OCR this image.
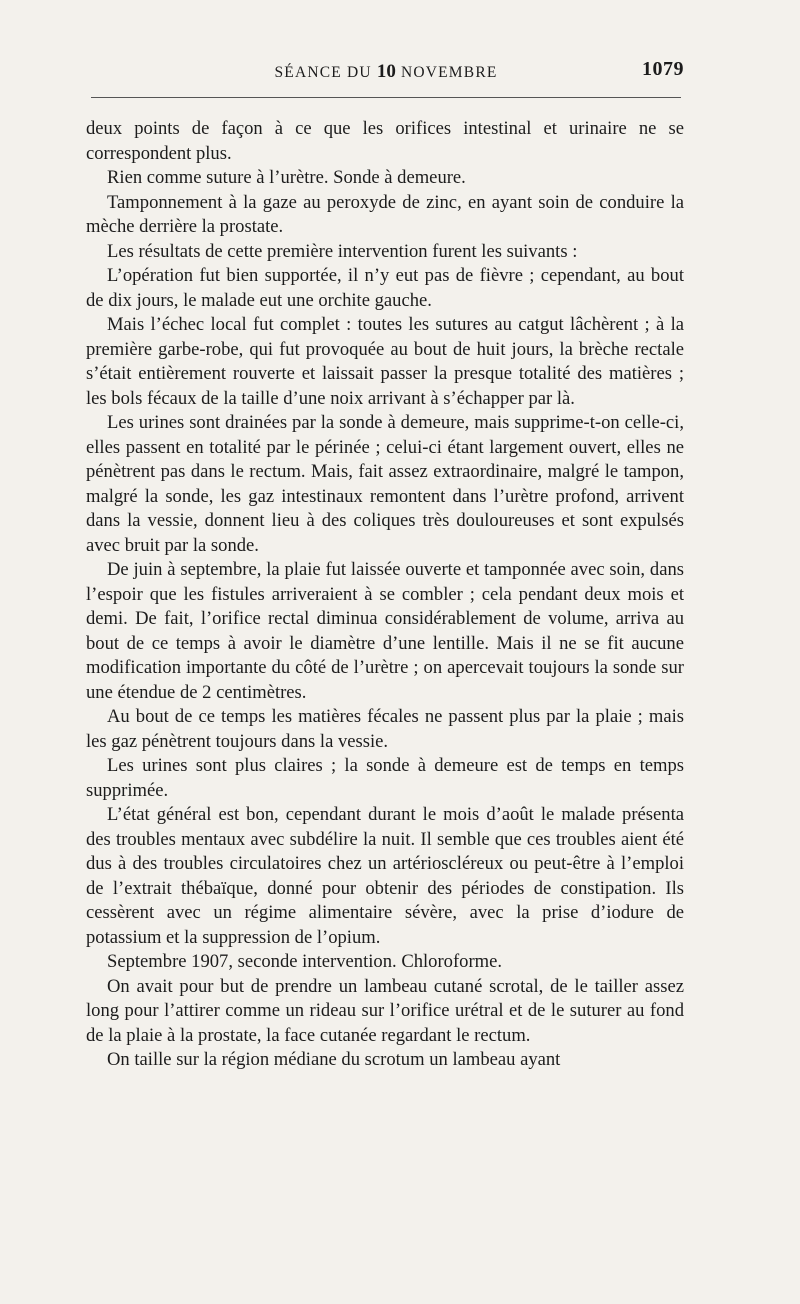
SÉANCE DU 10 NOVEMBRE	1079

deux points de façon à ce que les orifices intestinal et urinaire ne se correspondent plus.

Rien comme suture à l’urètre. Sonde à demeure.

Tamponnement à la gaze au peroxyde de zinc, en ayant soin de conduire la mèche derrière la prostate.

Les résultats de cette première intervention furent les suivants :

L’opération fut bien supportée, il n’y eut pas de fièvre ; cependant, au bout de dix jours, le malade eut une orchite gauche.

Mais l’échec local fut complet : toutes les sutures au catgut lâchèrent ; à la première garbe-robe, qui fut provoquée au bout de huit jours, la brèche rectale s’était entièrement rouverte et laissait passer la presque totalité des matières ; les bols fécaux de la taille d’une noix arrivant à s’échapper par là.

Les urines sont drainées par la sonde à demeure, mais supprime-t-on celle-ci, elles passent en totalité par le périnée ; celui-ci étant largement ouvert, elles ne pénètrent pas dans le rectum. Mais, fait assez extraordinaire, malgré le tampon, malgré la sonde, les gaz intestinaux remontent dans l’urètre profond, arrivent dans la vessie, donnent lieu à des coliques très douloureuses et sont expulsés avec bruit par la sonde.

De juin à septembre, la plaie fut laissée ouverte et tamponnée avec soin, dans l’espoir que les fistules arriveraient à se combler ; cela pendant deux mois et demi. De fait, l’orifice rectal diminua considérablement de volume, arriva au bout de ce temps à avoir le diamètre d’une lentille. Mais il ne se fit aucune modification importante du côté de l’urètre ; on apercevait toujours la sonde sur une étendue de 2 centimètres.

Au bout de ce temps les matières fécales ne passent plus par la plaie ; mais les gaz pénètrent toujours dans la vessie.

Les urines sont plus claires ; la sonde à demeure est de temps en temps supprimée.

L’état général est bon, cependant durant le mois d’août le malade présenta des troubles mentaux avec subdélire la nuit. Il semble que ces troubles aient été dus à des troubles circulatoires chez un artérioscléreux ou peut-être à l’emploi de l’extrait thébaïque, donné pour obtenir des périodes de constipation. Ils cessèrent avec un régime alimentaire sévère, avec la prise d’iodure de potassium et la suppression de l’opium.

Septembre 1907, seconde intervention. Chloroforme.

On avait pour but de prendre un lambeau cutané scrotal, de le tailler assez long pour l’attirer comme un rideau sur l’orifice urétral et de le suturer au fond de la plaie à la prostate, la face cutanée regardant le rectum.

On taille sur la région médiane du scrotum un lambeau ayant
